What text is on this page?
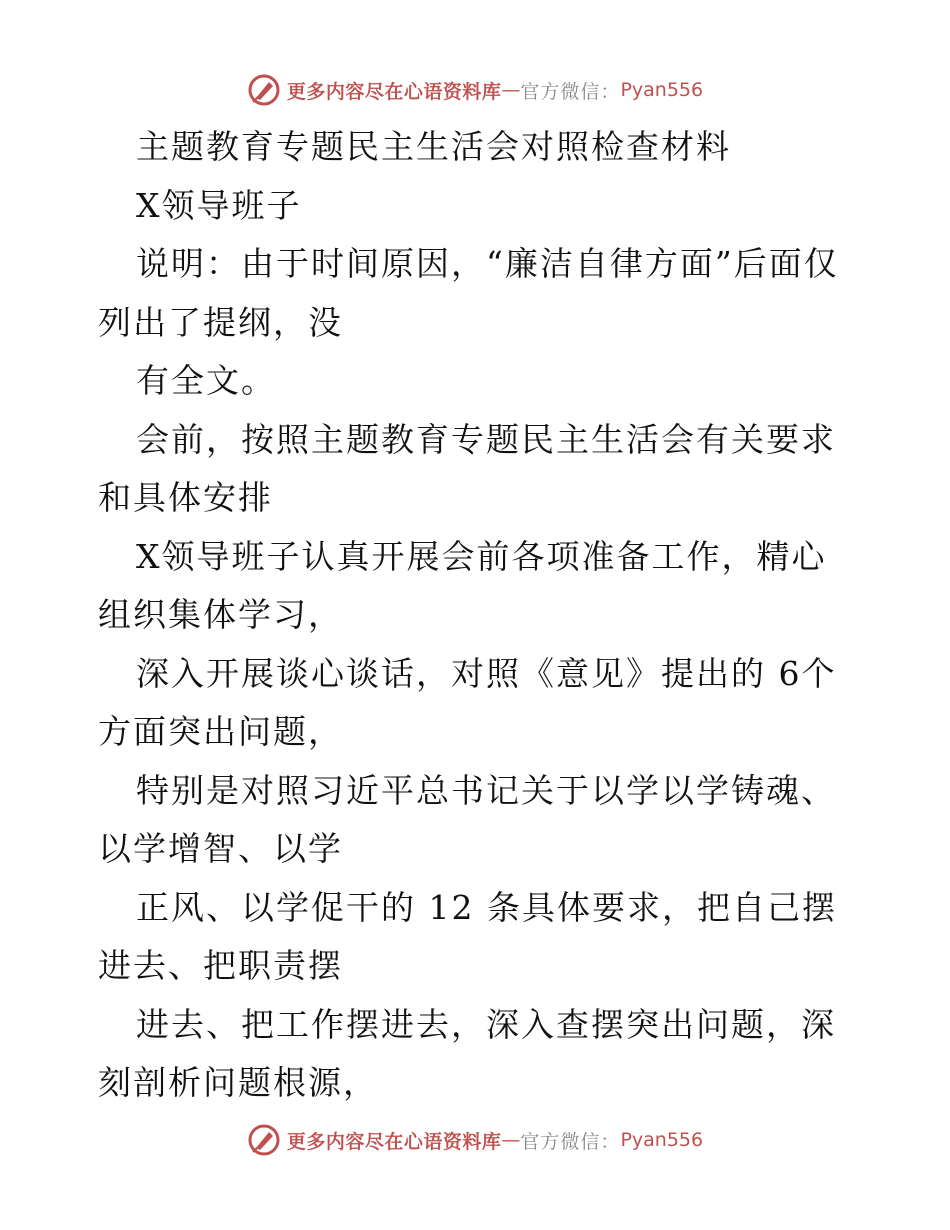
更多内容尽在心语资料库 — 官方微信： Pyan556

主题教育专题民主生活会对照检查材料

X领导班子

说明：由于时间原因，“廉洁自律方面”后面仅列出了提纲，没

有全文。

会前，按照主题教育专题民主生活会有关要求和具体安排

X领导班子认真开展会前各项准备工作，精心组织集体学习，

深入开展谈心谈话，对照《意见》提出的 6个方面突出问题，

特别是对照习近平总书记关于以学以学铸魂、以学增智、以学

正风、以学促干的 12 条具体要求，把自己摆进去、把职责摆

进去、把工作摆进去，深入查摆突出问题，深刻剖析问题根源，

更多内容尽在心语资料库 — 官方微信： Pyan556
